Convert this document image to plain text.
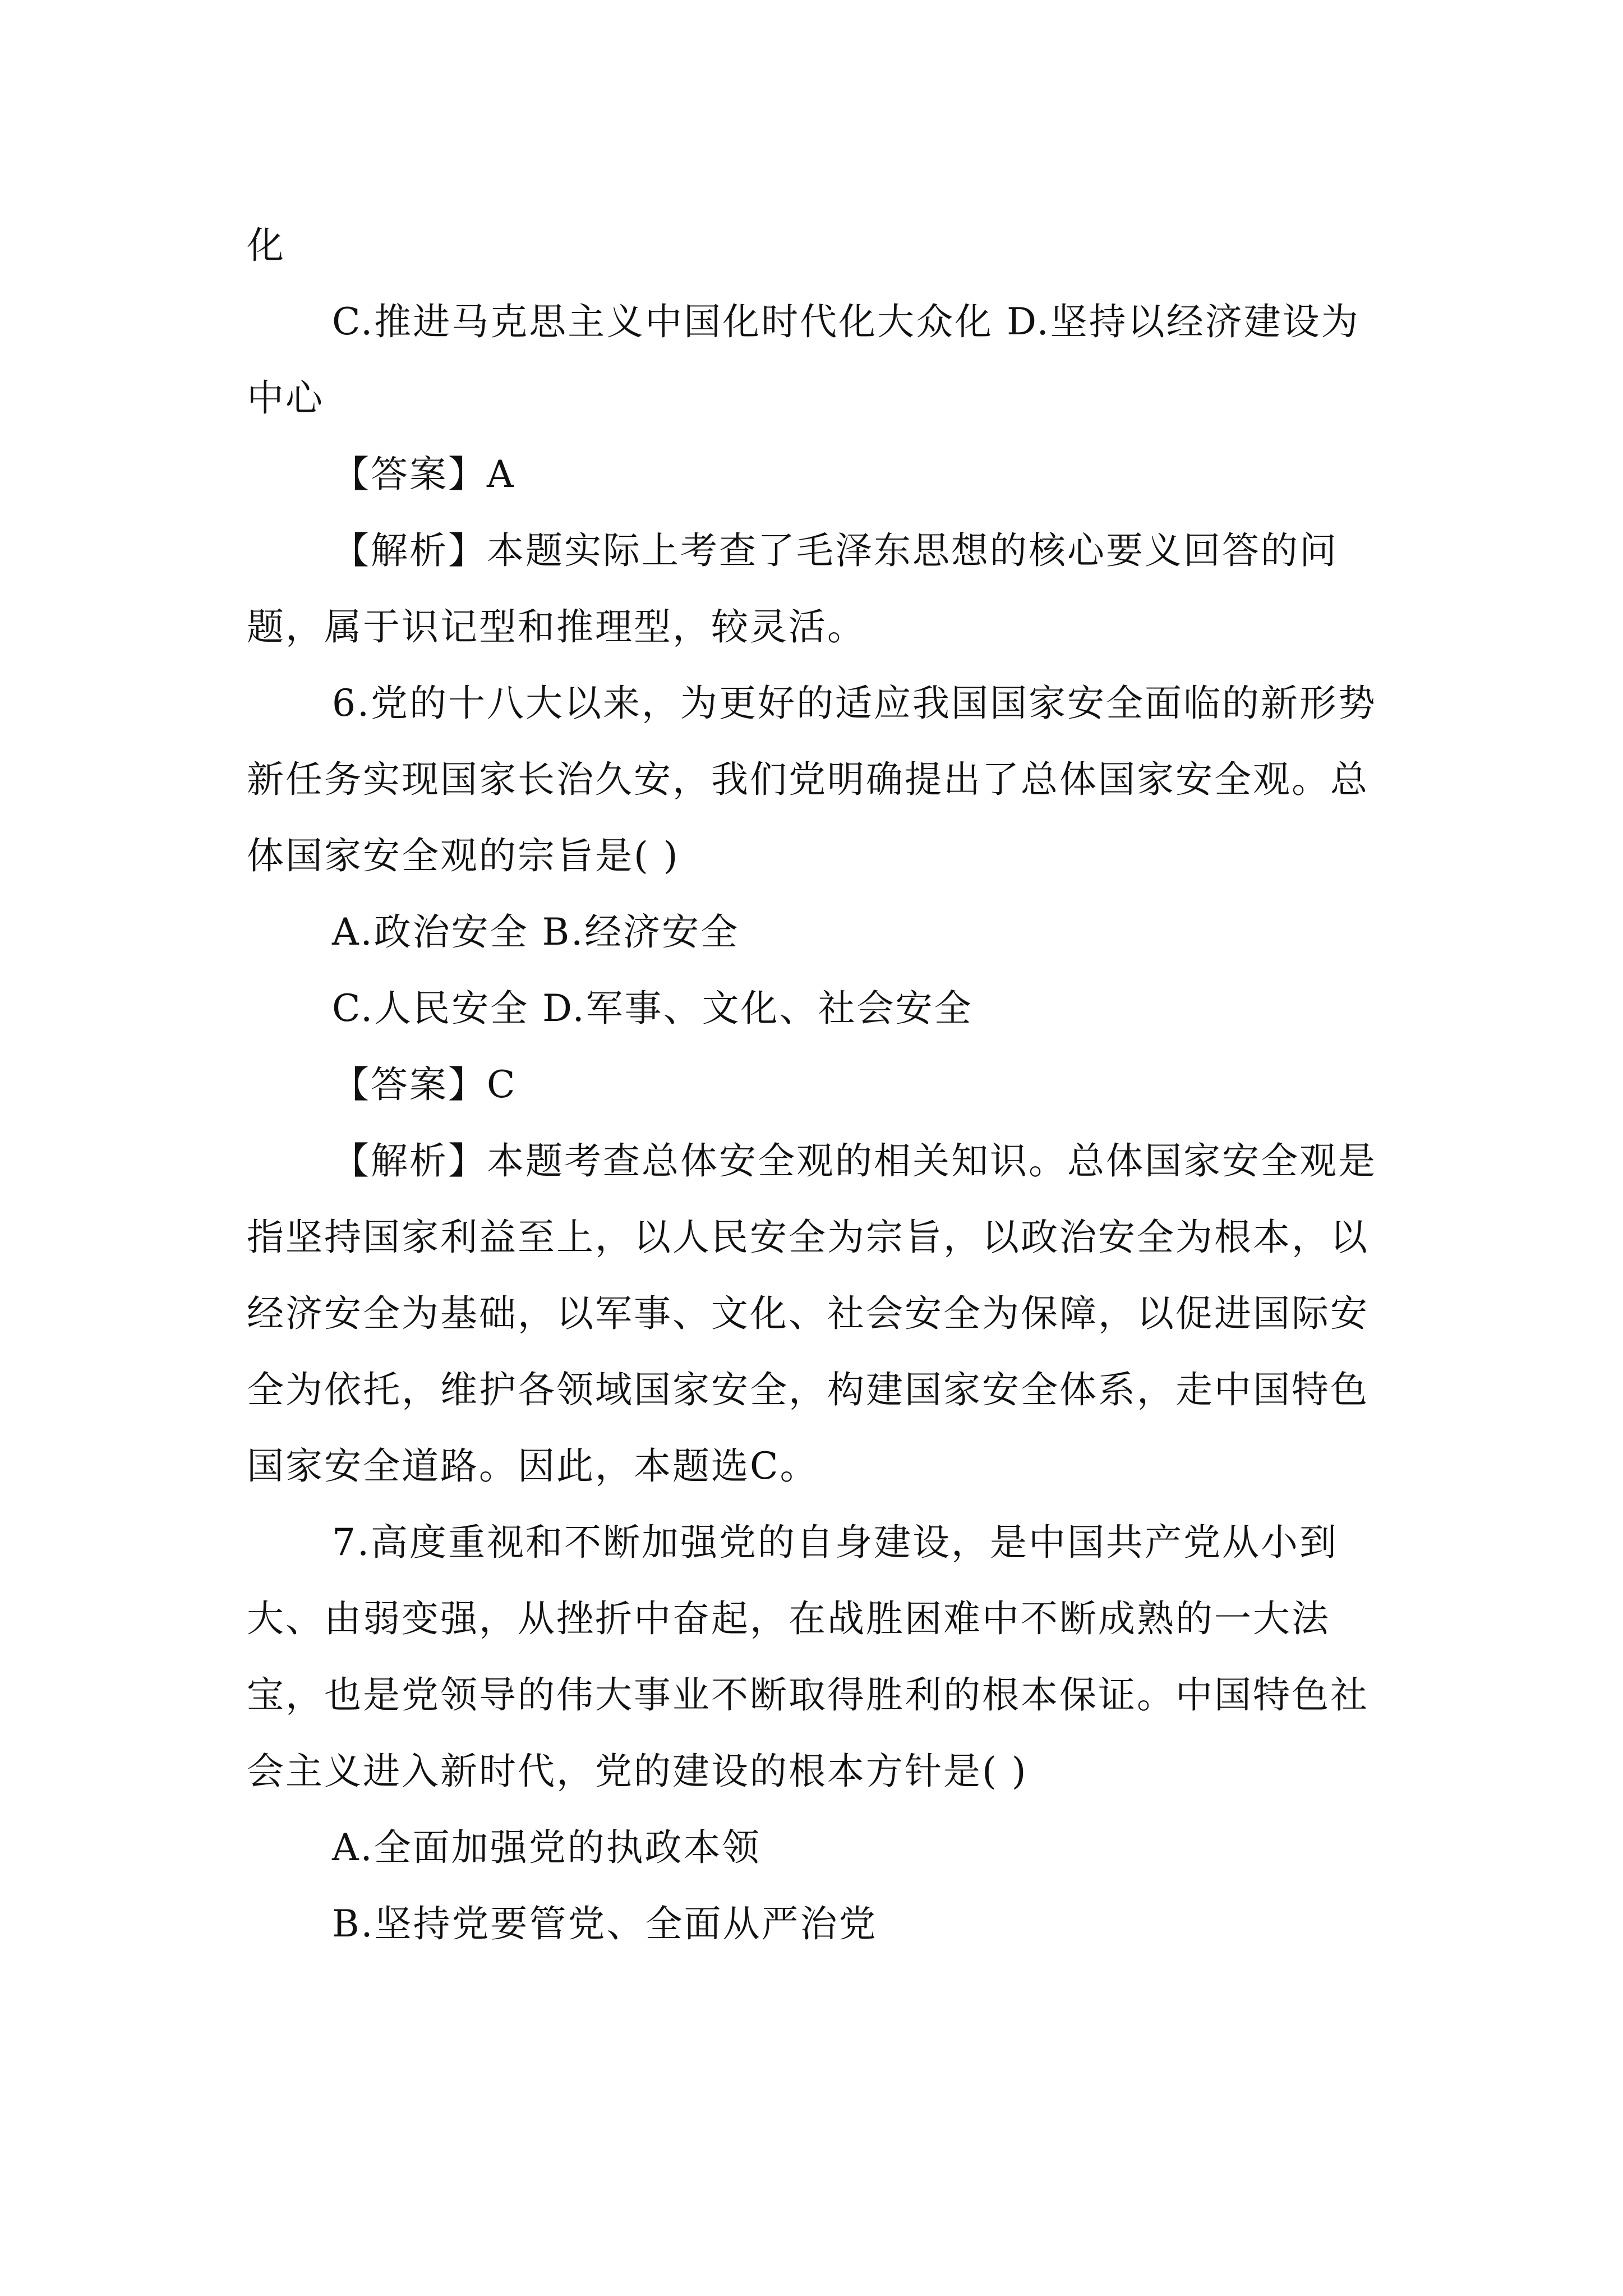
化

C.推进马克思主义中国化时代化大众化 D.坚持以经济建设为中心

【答案】A

【解析】本题实际上考查了毛泽东思想的核心要义回答的问题，属于识记型和推理型，较灵活。

6.党的十八大以来，为更好的适应我国国家安全面临的新形势新任务实现国家长治久安，我们党明确提出了总体国家安全观。总体国家安全观的宗旨是( )

A.政治安全 B.经济安全

C.人民安全 D.军事、文化、社会安全

【答案】C

【解析】本题考查总体安全观的相关知识。总体国家安全观是指坚持国家利益至上，以人民安全为宗旨，以政治安全为根本，以经济安全为基础，以军事、文化、社会安全为保障，以促进国际安全为依托，维护各领域国家安全，构建国家安全体系，走中国特色国家安全道路。因此，本题选C。

7.高度重视和不断加强党的自身建设，是中国共产党从小到大、由弱变强，从挫折中奋起，在战胜困难中不断成熟的一大法宝，也是党领导的伟大事业不断取得胜利的根本保证。中国特色社会主义进入新时代，党的建设的根本方针是( )

A.全面加强党的执政本领

B.坚持党要管党、全面从严治党
